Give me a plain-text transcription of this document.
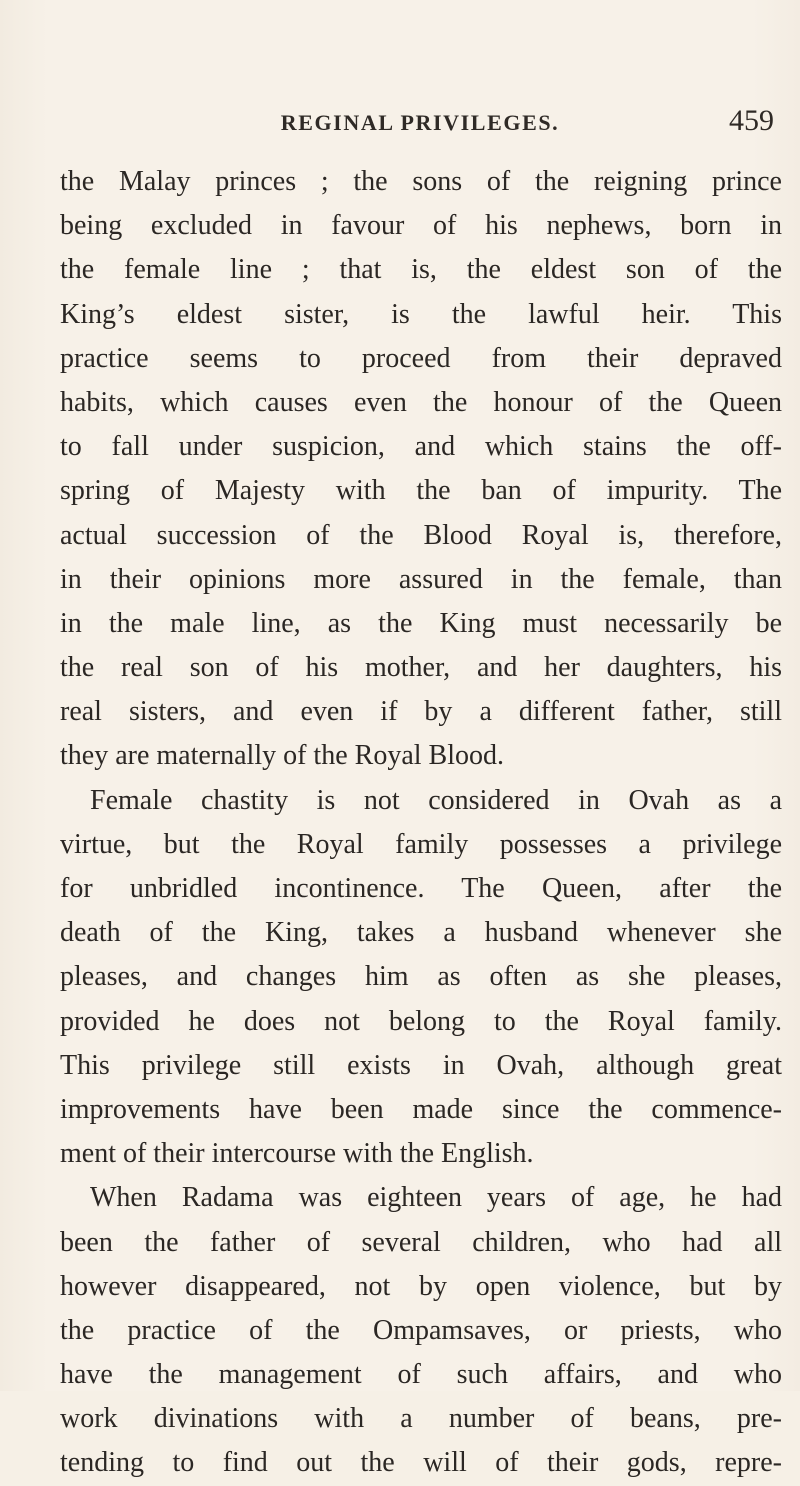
REGINAL PRIVILEGES.	459
the Malay princes ; the sons of the reigning prince
being excluded in favour of his nephews, born in
the female line ; that is, the eldest son of the
King’s eldest sister, is the lawful heir. This
practice seems to proceed from their depraved
habits, which causes even the honour of the Queen
to fall under suspicion, and which stains the off-
spring of Majesty with the ban of impurity. The
actual succession of the Blood Royal is, therefore,
in their opinions more assured in the female, than
in the male line, as the King must necessarily be
the real son of his mother, and her daughters, his
real sisters, and even if by a different father, still
they are maternally of the Royal Blood.
Female chastity is not considered in Ovah as a
virtue, but the Royal family possesses a privilege
for unbridled incontinence. The Queen, after the
death of the King, takes a husband whenever she
pleases, and changes him as often as she pleases,
provided he does not belong to the Royal family.
This privilege still exists in Ovah, although great
improvements have been made since the commence-
ment of their intercourse with the English.
When Radama was eighteen years of age, he had
been the father of several children, who had all
however disappeared, not by open violence, but by
the practice of the Ompamsaves, or priests, who
have the management of such affairs, and who
work divinations with a number of beans, pre-
tending to find out the will of their gods, repre-
